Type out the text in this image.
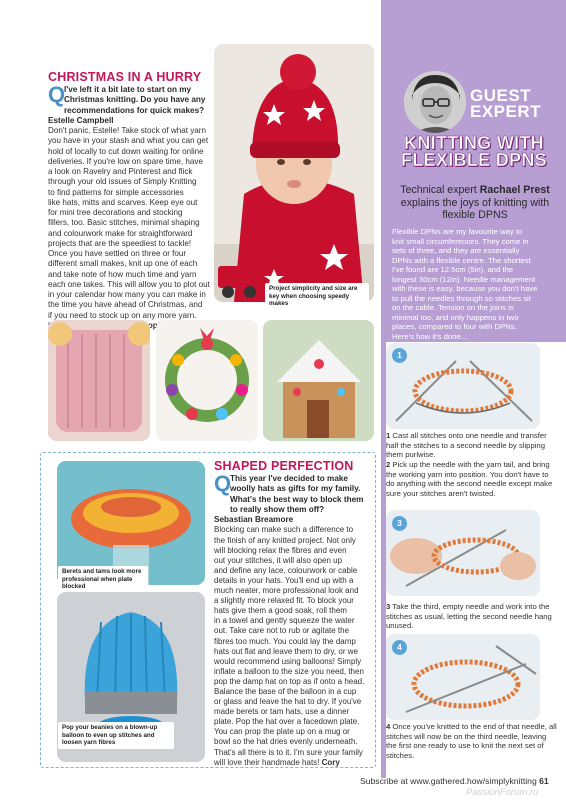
CHRISTMAS IN A HURRY
Q
I've left it a bit late to start on my Christmas knitting. Do you have any recommendations for quick makes?
Estelle Campbell
Don't panic, Estelle! Take stock of what yarn
you have in your stash and what you can get
hold of locally to cut down waiting for online
deliveries. If you're low on spare time, have
a look on Ravelry and Pinterest and flick
through your old issues of Simply Knitting
to find patterns for simple accessories
like hats, mitts and scarves. Keep eye out
for mini tree decorations and stocking
fillers, too. Basic stitches, minimal shaping
and colourwork make for straightforward
projects that are the speediest to tackle!
Once you have settled on three or four
different small makes, knit up one of each
and take note of how much time and yarn
each one takes. This will allow you to plot out
in your calendar how many you can make in
the time you have ahead of Christmas, and
if you need to stock up on any more yarn.
Project simplicity and size are key when choosing speedy makes
Berets and tams look more professional when plate blocked
Pop your beanies on a blown-up balloon to even up stitches and loosen yarn fibres
SHAPED PERFECTION
Q
This year I've decided to make woolly hats as gifts for my family. What's the best way to block them to really show them off?
Sebastian Breamore
Blocking can make such a difference to
the finish of any knitted project. Not only
will blocking relax the fibres and even
out your stitches, it will also open up
and define any lace, colourwork or cable
details in your hats. You'll end up with a
much neater, more professional look and
a slightly more relaxed fit. To block your
hats give them a good soak, roll them
in a towel and gently squeeze the water
out. Take care not to rub or agitate the
fibres too much. You could lay the damp
hats out flat and leave them to dry, or we
would recommend using balloons! Simply
inflate a balloon to the size you need, then
pop the damp hat on top as if onto a head.
Balance the base of the balloon in a cup
or glass and leave the hat to dry. If you've
made berets or tam hats, use a dinner
plate. Pop the hat over a facedown plate.
You can prop the plate up on a mug or
bowl so the hat dries evenly underneath.
That's all there is to it. I'm sure your family
will love their handmade hats! Cory
GUEST
EXPERT
KNITTING WITH
FLEXIBLE DPNS
Technical expert Rachael Prest explains the joys of knitting with flexible DPNS
Flexible DPNs are my favourite way to
knit small circumferences. They come in
sets of three, and they are essentially
DPNs with a flexible centre. The shortest
I've found are 12.5cm (5in), and the
longest 30cm (12in). Needle management
with these is easy, because you don't have
to pull the needles through so stitches sit
on the cable. Tension on the joins is
minimal too, and only happens in two
places, compared to four with DPNs.
Here's how it's done...
1
1 Cast all stitches onto one needle and transfer half the stitches to a second needle by slipping them purlwise.
2 Pick up the needle with the yarn tail, and bring the working yarn into position. You don't have to do anything with the second needle except make sure your stitches aren't twisted.
3
3 Take the third, empty needle and work into the stitches as usual, letting the second needle hang unused.
4
4 Once you've knitted to the end of that needle, all stitches will now be on the third needle, leaving the first one ready to use to knit the next set of stitches.
Subscribe at www.gathered.how/simplyknitting 61
PassionForum.ru
